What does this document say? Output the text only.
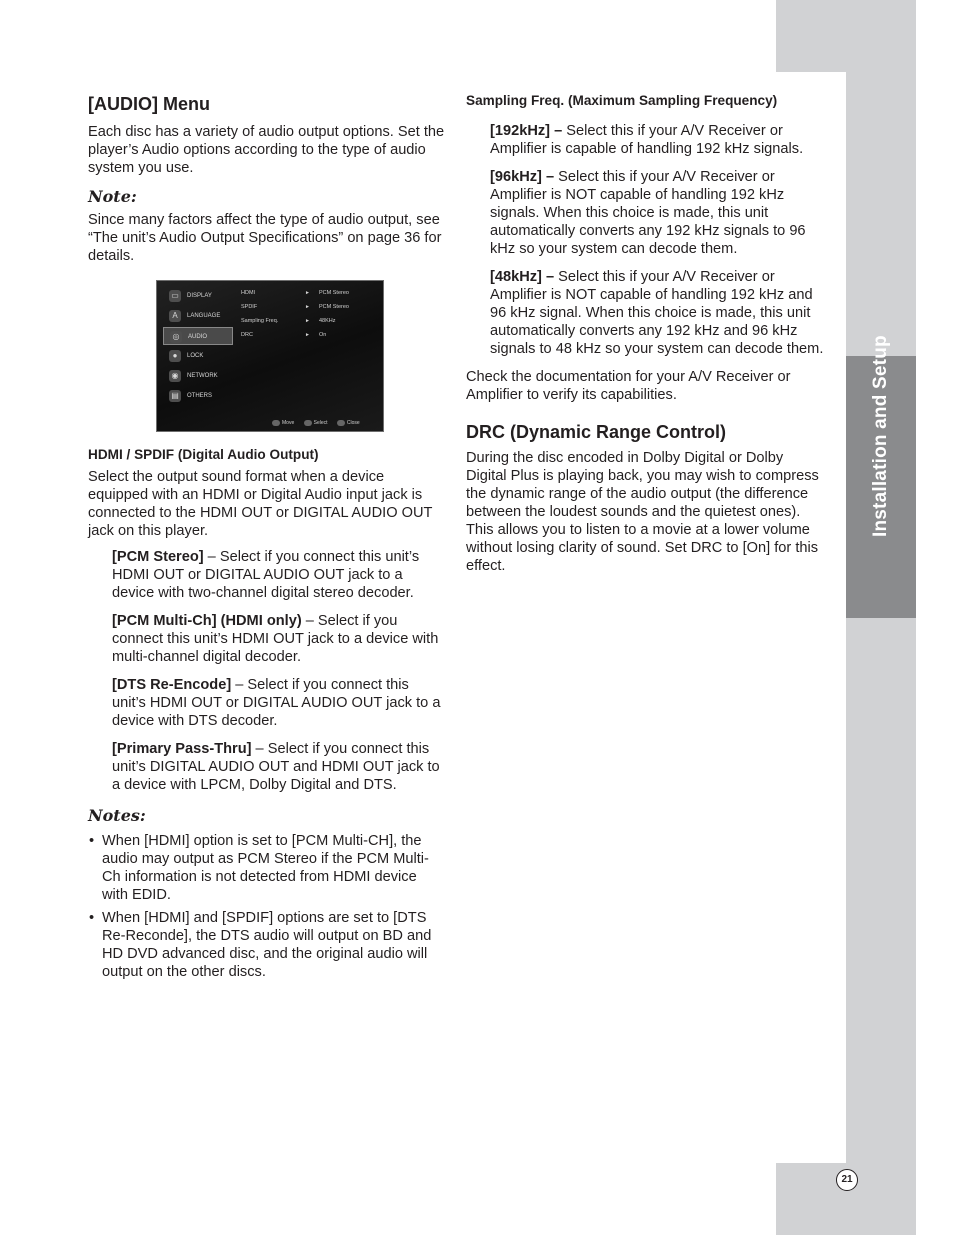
Installation and Setup
21
[AUDIO] Menu

Each disc has a variety of audio output options. Set the player’s Audio options according to the type of audio system you use.

Note:

Since many factors affect the type of audio output, see “The unit’s Audio Output Specifications” on page 36 for details.

▭	DISPLAY
A	LANGUAGE
◎	AUDIO
●	LOCK
◉	NETWORK
▤	OTHERS
HDMI	► PCM Stereo
SPDIF	► PCM Stereo
Sampling Freq.	► 48KHz
DRC	► On
Move	Select	Close
HDMI / SPDIF (Digital Audio Output)

Select the output sound format when a device equipped with an HDMI or Digital Audio input jack is connected to the HDMI OUT or DIGITAL AUDIO OUT jack on this player.

[PCM Stereo] – Select if you connect this unit’s HDMI OUT or DIGITAL AUDIO OUT jack to a device with two-channel digital stereo decoder.

[PCM Multi-Ch] (HDMI only) – Select if you connect this unit’s HDMI OUT jack to a device with multi-channel digital decoder.

[DTS Re-Encode] – Select if you connect this unit’s HDMI OUT or DIGITAL AUDIO OUT jack to a device with DTS decoder.

[Primary Pass-Thru] – Select if you connect this unit’s DIGITAL AUDIO OUT and HDMI OUT jack to a device with LPCM, Dolby Digital and DTS.

Notes:
• When [HDMI] option is set to [PCM Multi-CH], the audio may output as PCM Stereo if the PCM Multi-Ch information is not detected from HDMI device with EDID.
• When [HDMI] and [SPDIF] options are set to [DTS Re-Reconde], the DTS audio will output on BD and HD DVD advanced disc, and the original audio will output on the other discs.
Sampling Freq. (Maximum Sampling Frequency)

[192kHz] – Select this if your A/V Receiver or Amplifier is capable of handling 192 kHz signals.

[96kHz] – Select this if your A/V Receiver or Amplifier is NOT capable of handling 192 kHz signals. When this choice is made, this unit automatically converts any 192 kHz signals to 96 kHz so your system can decode them.

[48kHz] – Select this if your A/V Receiver or Amplifier is NOT capable of handling 192 kHz and 96 kHz signal. When this choice is made, this unit automatically converts any 192 kHz and 96 kHz signals to 48 kHz so your system can decode them.

Check the documentation for your A/V Receiver or Amplifier to verify its capabilities.

DRC (Dynamic Range Control)

During the disc encoded in Dolby Digital or Dolby Digital Plus is playing back, you may wish to compress the dynamic range of the audio output (the difference between the loudest sounds and the quietest ones). This allows you to listen to a movie at a lower volume without losing clarity of sound. Set DRC to [On] for this effect.
